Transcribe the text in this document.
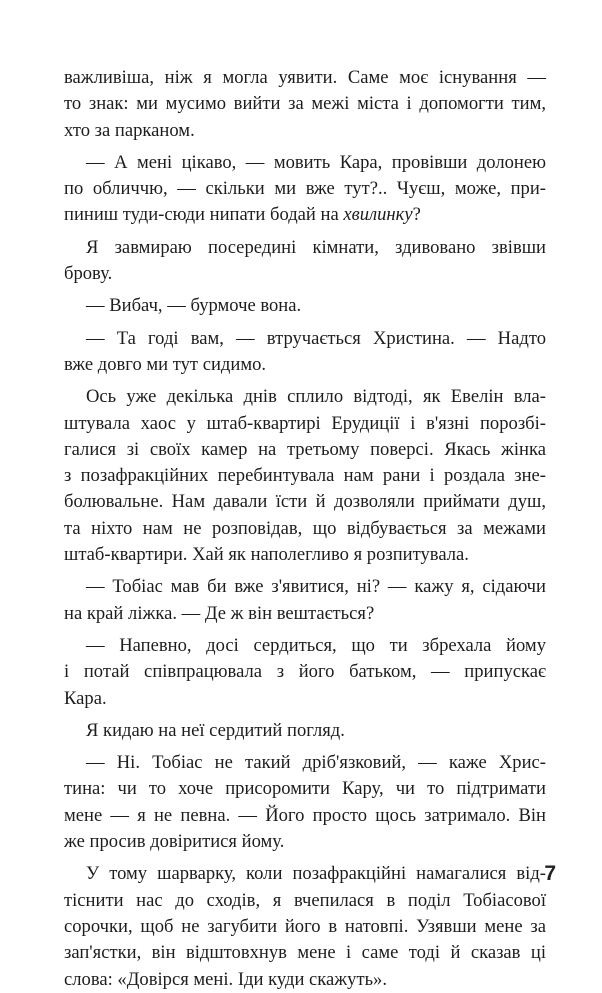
важливіша, ніж я могла уявити. Саме моє існування —
то знак: ми мусимо вийти за межі міста і допомогти тим,
хто за парканом.
— А мені цікаво, — мовить Кара, провівши долонею
по обличчю, — скільки ми вже тут?.. Чуєш, може, при-
пиниш туди-сюди нипати бодай на хвилинку?
Я завмираю посередині кімнати, здивовано звівши
брову.
— Вибач, — бурмоче вона.
— Та годі вам, — втручається Христина. — Надто
вже довго ми тут сидимо.
Ось уже декілька днів сплило відтоді, як Евелін вла-
штувала хаос у штаб-квартирі Ерудиції і в'язні порозбі-
галися зі своїх камер на третьому поверсі. Якась жінка
з позафракційних перебинтувала нам рани і роздала зне-
болювальне. Нам давали їсти й дозволяли приймати душ,
та ніхто нам не розповідав, що відбувається за межами
штаб-квартири. Хай як наполегливо я розпитувала.
— Тобіас мав би вже з'явитися, ні? — кажу я, сідаючи
на край ліжка. — Де ж він вештається?
— Напевно, досі сердиться, що ти збрехала йому
і потай співпрацювала з його батьком, — припускає
Кара.
Я кидаю на неї сердитий погляд.
— Ні. Тобіас не такий дріб'язковий, — каже Хрис-
тина: чи то хоче присоромити Кару, чи то підтримати
мене — я не певна. — Його просто щось затримало. Він
же просив довіритися йому.
У тому шарварку, коли позафракційні намагалися від-
тіснити нас до сходів, я вчепилася в поділ Тобіасової
сорочки, щоб не загубити його в натовпі. Узявши мене за
зап'ястки, він відштовхнув мене і саме тоді й сказав ці
слова: «Довірся мені. Іди куди скажуть».
7
